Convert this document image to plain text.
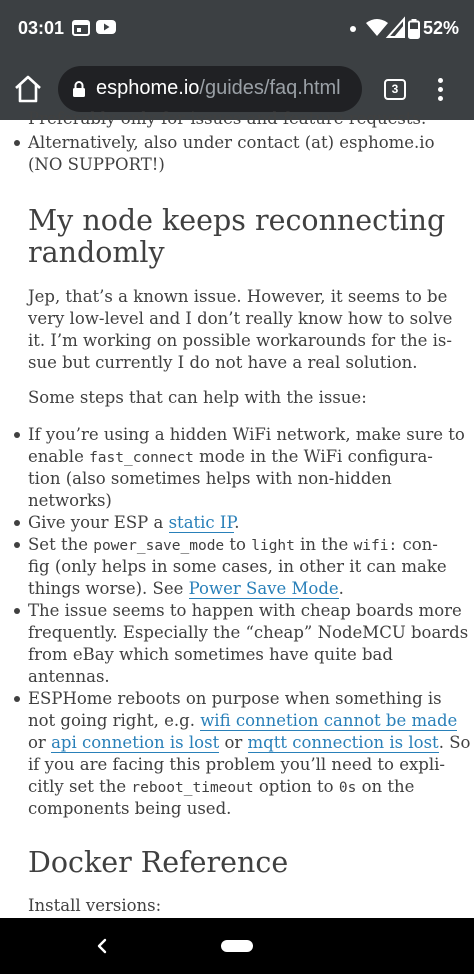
03:01	52%
esphome.io/guides/faq.html	3
Preferably only for issues and feature requests.
Alternatively, also under contact (at) esphome.io
(NO SUPPORT!)
My node keeps reconnecting
randomly
Jep, that’s a known issue. However, it seems to be
very low-level and I don’t really know how to solve
it. I’m working on possible workarounds for the is-
sue but currently I do not have a real solution.
Some steps that can help with the issue:
If you’re using a hidden WiFi network, make sure to
enable fast_connect mode in the WiFi configura-
tion (also sometimes helps with non-hidden
networks)
Give your ESP a static IP.
Set the power_save_mode to light in the wifi: con-
fig (only helps in some cases, in other it can make
things worse). See Power Save Mode.
The issue seems to happen with cheap boards more
frequently. Especially the “cheap” NodeMCU boards
from eBay which sometimes have quite bad
antennas.
ESPHome reboots on purpose when something is
not going right, e.g. wifi connetion cannot be made
or api connetion is lost or mqtt connection is lost. So
if you are facing this problem you’ll need to expli-
citly set the reboot_timeout option to 0s on the
components being used.
Docker Reference
Install versions:
